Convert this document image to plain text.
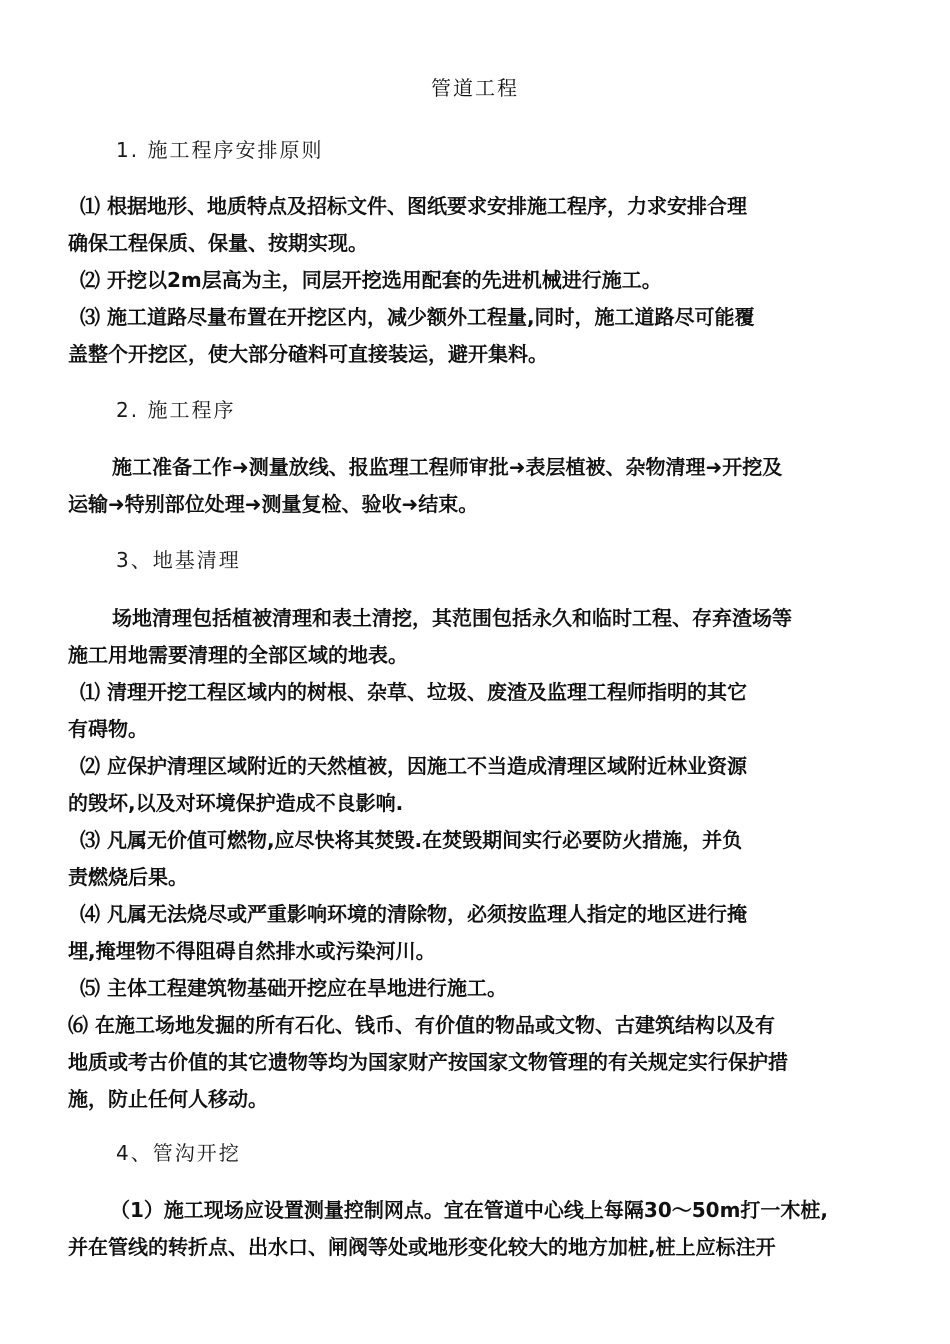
管道工程
1. 施工程序安排原则
⑴ 根据地形、地质特点及招标文件、图纸要求安排施工程序，力求安排合理
确保工程保质、保量、按期实现。
⑵ 开挖以2m层高为主，同层开挖选用配套的先进机械进行施工。
⑶ 施工道路尽量布置在开挖区内，减少额外工程量,同时，施工道路尽可能覆
盖整个开挖区，使大部分碴料可直接装运，避开集料。
2. 施工程序
施工准备工作➜测量放线、报监理工程师审批➜表层植被、杂物清理➜开挖及
运输➜特别部位处理➜测量复检、验收➜结束。
3、地基清理
场地清理包括植被清理和表土清挖，其范围包括永久和临时工程、存弃渣场等
施工用地需要清理的全部区域的地表。
⑴ 清理开挖工程区域内的树根、杂草、垃圾、废渣及监理工程师指明的其它
有碍物。
⑵ 应保护清理区域附近的天然植被，因施工不当造成清理区域附近林业资源
的毁坏,以及对环境保护造成不良影响.
⑶ 凡属无价值可燃物,应尽快将其焚毁.在焚毁期间实行必要防火措施，并负
责燃烧后果。
⑷ 凡属无法烧尽或严重影响环境的清除物，必须按监理人指定的地区进行掩
埋,掩埋物不得阻碍自然排水或污染河川。
⑸ 主体工程建筑物基础开挖应在旱地进行施工。
⑹ 在施工场地发掘的所有石化、钱币、有价值的物品或文物、古建筑结构以及有
地质或考古价值的其它遗物等均为国家财产按国家文物管理的有关规定实行保护措
施，防止任何人移动。
4、管沟开挖
（1）施工现场应设置测量控制网点。宜在管道中心线上每隔30～50m打一木桩,
并在管线的转折点、出水口、闸阀等处或地形变化较大的地方加桩,桩上应标注开
